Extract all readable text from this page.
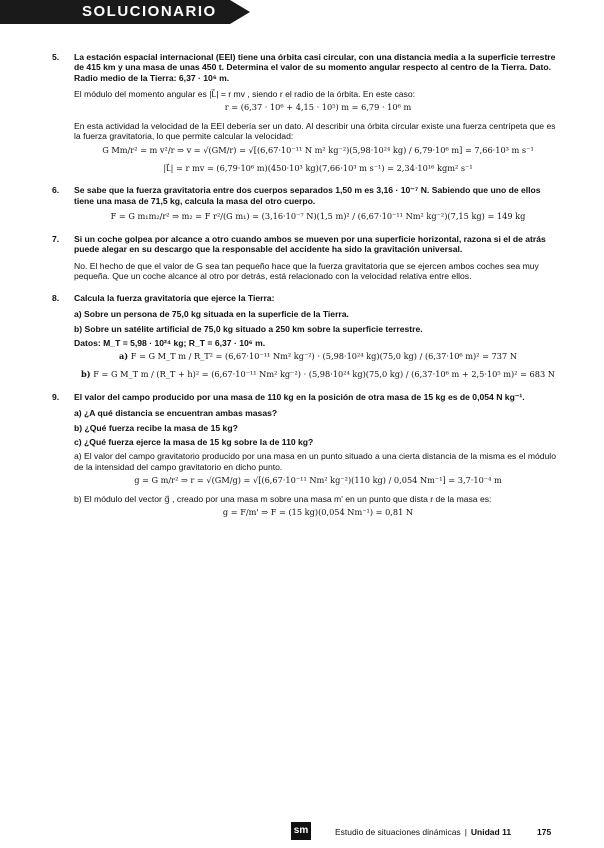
SOLUCIONARIO
5. La estación espacial internacional (EEI) tiene una órbita casi circular, con una distancia media a la superficie terrestre de 415 km y una masa de unas 450 t. Determina el valor de su momento angular respecto al centro de la Tierra. Dato. Radio medio de la Tierra: 6,37 · 10⁶ m.
El módulo del momento angular es |L⃗| = r mv , siendo r el radio de la órbita. En este caso:
r = (6,37 · 10⁶ + 4,15 · 10⁵) m = 6,79 · 10⁶ m
En esta actividad la velocidad de la EEI debería ser un dato. Al describir una órbita circular existe una fuerza centrípeta que es la fuerza gravitatoria, lo que permite calcular la velocidad:
G Mm/r² = m v²/r ⇒ v = √(GM/r) = √[(6,67·10⁻¹¹ N m² kg⁻²)(5,98·10²⁴ kg) / 6,79·10⁶ m] = 7,66·10³ m s⁻¹
|L⃗| = r mv = (6,79·10⁶ m)(450·10³ kg)(7,66·10³ m s⁻¹) = 2,34·10¹⁶ kgm² s⁻¹
6. Se sabe que la fuerza gravitatoria entre dos cuerpos separados 1,50 m es 3,16 · 10⁻⁷ N. Sabiendo que uno de ellos tiene una masa de 71,5 kg, calcula la masa del otro cuerpo.
F = G m₁m₂/r² ⇒ m₂ = F r²/(G m₁) = (3,16·10⁻⁷ N)(1,5 m)² / (6,67·10⁻¹¹ Nm² kg⁻²)(7,15 kg) = 149 kg
7. Si un coche golpea por alcance a otro cuando ambos se mueven por una superficie horizontal, razona si el de atrás puede alegar en su descargo que la responsable del accidente ha sido la gravitación universal.
No. El hecho de que el valor de G sea tan pequeño hace que la fuerza gravitatoria que se ejercen ambos coches sea muy pequeña. Que un coche alcance al otro por detrás, está relacionado con la velocidad relativa entre ellos.
8. Calcula la fuerza gravitatoria que ejerce la Tierra:
a) Sobre un persona de 75,0 kg situada en la superficie de la Tierra.
b) Sobre un satélite artificial de 75,0 kg situado a 250 km sobre la superficie terrestre.
Datos: M_T = 5,98 · 10²⁴ kg; R_T = 6,37 · 10⁶ m.
a) F = G M_T m / R_T² = (6,67·10⁻¹¹ Nm² kg⁻²) · (5,98·10²⁴ kg)(75,0 kg) / (6,37·10⁶ m)² = 737 N
b) F = G M_T m / (R_T + h)² = (6,67·10⁻¹¹ Nm² kg⁻²) · (5,98·10²⁴ kg)(75,0 kg) / (6,37·10⁶ m + 2,5·10⁵ m)² = 683 N
9. El valor del campo producido por una masa de 110 kg en la posición de otra masa de 15 kg es de 0,054 N kg⁻¹.
a) ¿A qué distancia se encuentran ambas masas?
b) ¿Qué fuerza recibe la masa de 15 kg?
c) ¿Qué fuerza ejerce la masa de 15 kg sobre la de 110 kg?
a) El valor del campo gravitatorio producido por una masa en un punto situado a una cierta distancia de la misma es el módulo de la intensidad del campo gravitatorio en dicho punto.
g = G m/r² ⇒ r = √(GM/g) = √[(6,67·10⁻¹¹ Nm² kg⁻²)(110 kg) / 0,054 Nm⁻¹] = 3,7·10⁻⁴ m
b) El módulo del vector g⃗ , creado por una masa m sobre una masa m' en un punto que dista r de la masa es:
g = F/m' ⇒ F = (15 kg)(0,054 Nm⁻¹) = 0,81 N
sm	Estudio de situaciones dinámicas | Unidad 11	175
